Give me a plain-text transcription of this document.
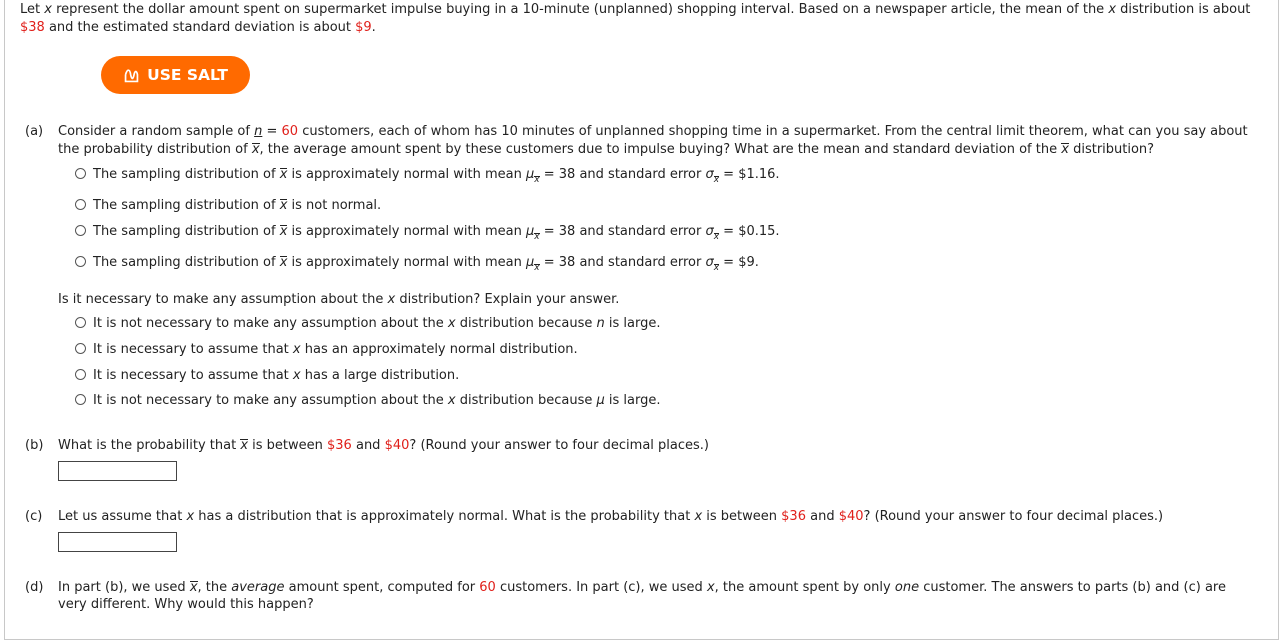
Let x represent the dollar amount spent on supermarket impulse buying in a 10-minute (unplanned) shopping interval. Based on a newspaper article, the mean of the x distribution is about
$38 and the estimated standard deviation is about $9.
USE SALT
(a) Consider a random sample of n = 60 customers, each of whom has 10 minutes of unplanned shopping time in a supermarket. From the central limit theorem, what can you say about
the probability distribution of x, the average amount spent by these customers due to impulse buying? What are the mean and standard deviation of the x distribution?
The sampling distribution of x is approximately normal with mean μx = 38 and standard error σx = $1.16.
The sampling distribution of x is not normal.
The sampling distribution of x is approximately normal with mean μx = 38 and standard error σx = $0.15.
The sampling distribution of x is approximately normal with mean μx = 38 and standard error σx = $9.
Is it necessary to make any assumption about the x distribution? Explain your answer.
It is not necessary to make any assumption about the x distribution because n is large.
It is necessary to assume that x has an approximately normal distribution.
It is necessary to assume that x has a large distribution.
It is not necessary to make any assumption about the x distribution because μ is large.
(b) What is the probability that x is between $36 and $40? (Round your answer to four decimal places.)
(c) Let us assume that x has a distribution that is approximately normal. What is the probability that x is between $36 and $40? (Round your answer to four decimal places.)
(d) In part (b), we used x, the average amount spent, computed for 60 customers. In part (c), we used x, the amount spent by only one customer. The answers to parts (b) and (c) are
very different. Why would this happen?
